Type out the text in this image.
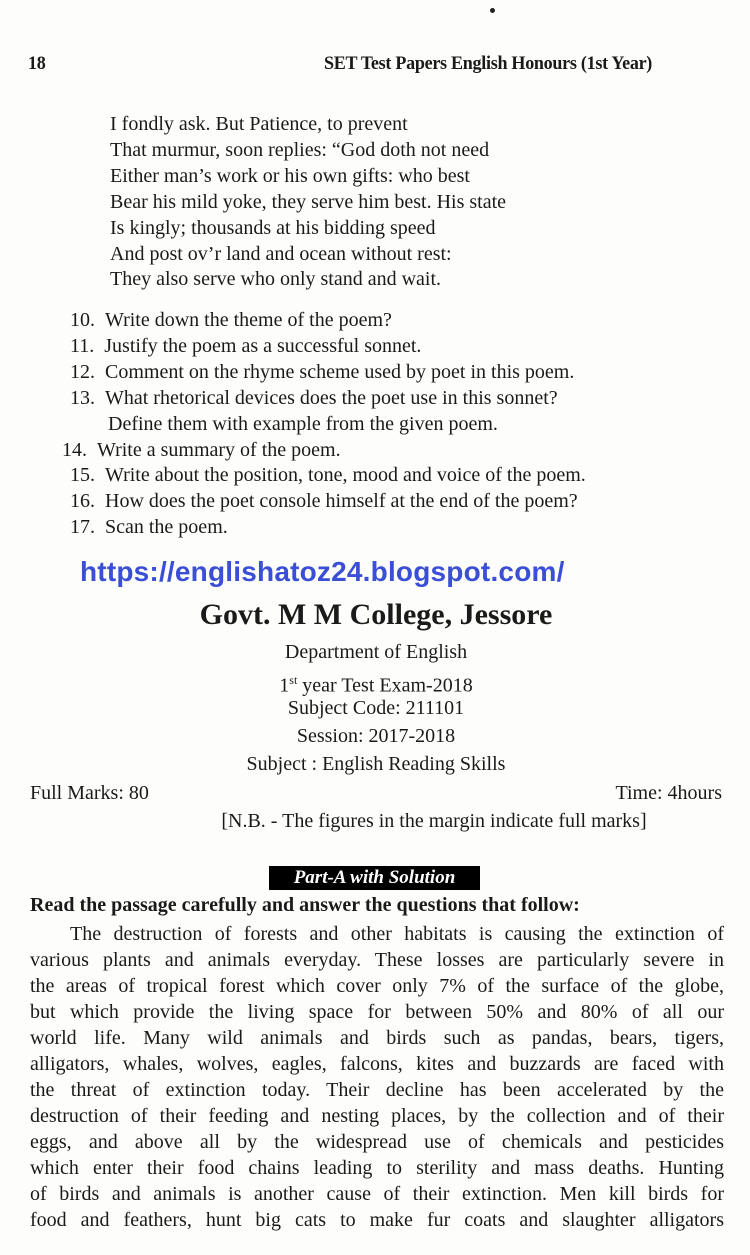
18	SET Test Papers English Honours (1st Year)
I fondly ask. But Patience, to prevent
That murmur, soon replies: “God doth not need
Either man’s work or his own gifts: who best
Bear his mild yoke, they serve him best. His state
Is kingly; thousands at his bidding speed
And post ov’r land and ocean without rest:
They also serve who only stand and wait.
10. Write down the theme of the poem?
11. Justify the poem as a successful sonnet.
12. Comment on the rhyme scheme used by poet in this poem.
13. What rhetorical devices does the poet use in this sonnet?
Define them with example from the given poem.
14. Write a summary of the poem.
15. Write about the position, tone, mood and voice of the poem.
16. How does the poet console himself at the end of the poem?
17. Scan the poem.
https://englishatoz24.blogspot.com/
Govt. M M College, Jessore
Department of English
1st year Test Exam-2018
Subject Code: 211101
Session: 2017-2018
Subject : English Reading Skills
Full Marks: 80	Time: 4hours
[N.B. - The figures in the margin indicate full marks]
Part-A with Solution
Read the passage carefully and answer the questions that follow:
The destruction of forests and other habitats is causing the extinction of
various plants and animals everyday. These losses are particularly severe in
the areas of tropical forest which cover only 7% of the surface of the globe,
but which provide the living space for between 50% and 80% of all our
world life. Many wild animals and birds such as pandas, bears, tigers,
alligators, whales, wolves, eagles, falcons, kites and buzzards are faced with
the threat of extinction today. Their decline has been accelerated by the
destruction of their feeding and nesting places, by the collection and of their
eggs, and above all by the widespread use of chemicals and pesticides
which enter their food chains leading to sterility and mass deaths. Hunting
of birds and animals is another cause of their extinction. Men kill birds for
food and feathers, hunt big cats to make fur coats and slaughter alligators
